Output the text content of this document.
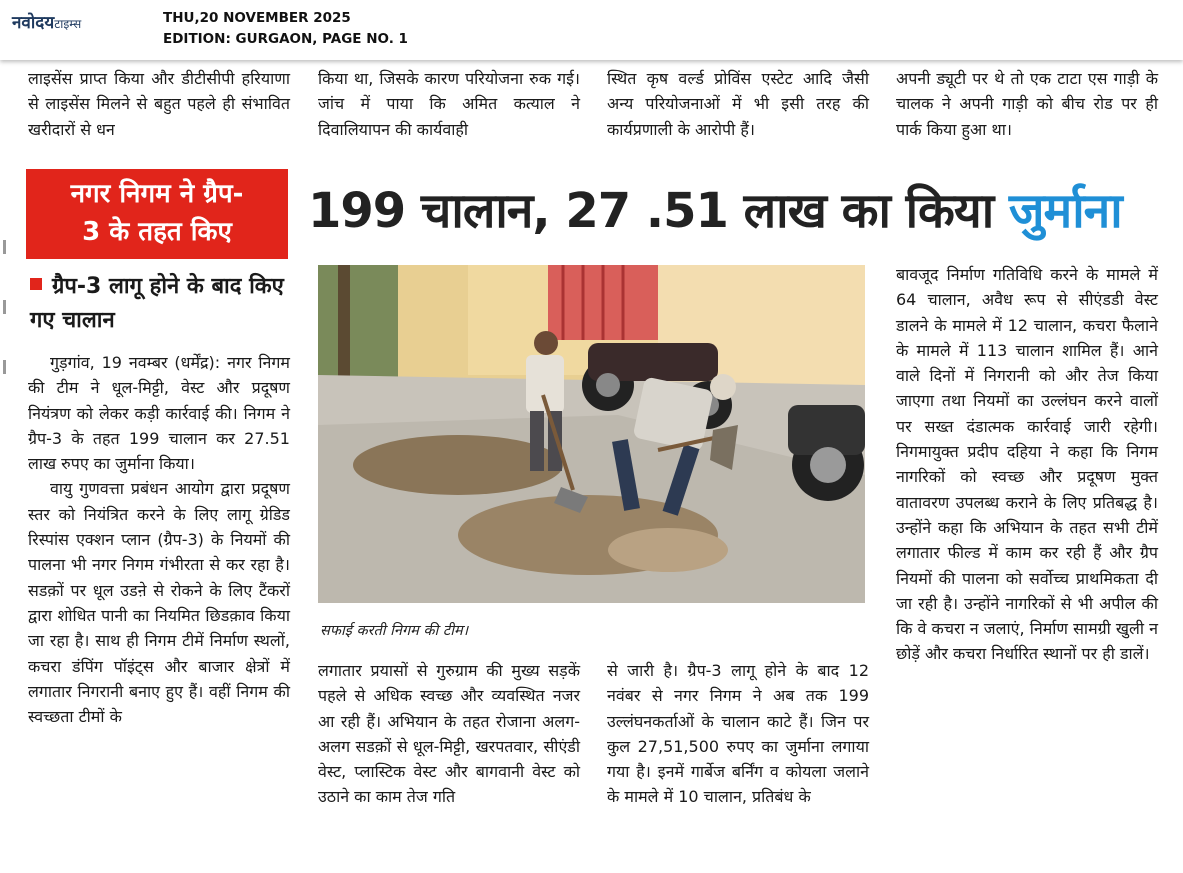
नवोदयटाइम्स	THU,20 NOVEMBER 2025
EDITION: GURGAON, PAGE NO. 1

लाइसेंस प्राप्त किया और डीटीसीपी हरियाणा से लाइसेंस मिलने से बहुत पहले ही संभावित खरीदारों से धन

किया था, जिसके कारण परियोजना रुक गई। जांच में पाया कि अमित कत्याल ने दिवालियापन की कार्यवाही

स्थित कृष वर्ल्ड प्रोविंस एस्टेट आदि जैसी अन्य परियोजनाओं में भी इसी तरह की कार्यप्रणाली के आरोपी हैं।

अपनी ड्यूटी पर थे तो एक टाटा एस गाड़ी के चालक ने अपनी गाड़ी को बीच रोड पर ही पार्क किया हुआ था।

नगर निगम ने ग्रैप-
3 के तहत किए	199 चालान, 27 .51 लाख का किया जुर्माना
ग्रैप-3 लागू होने के बाद किए गए चालान

गुड़गांव, 19 नवम्बर (धर्मेंद्र): नगर निगम की टीम ने धूल-मिट्टी, वेस्ट और प्रदूषण नियंत्रण को लेकर कड़ी कार्रवाई की। निगम ने ग्रैप-3 के तहत 199 चालान कर 27.51 लाख रुपए का जुर्माना किया।

वायु गुणवत्ता प्रबंधन आयोग द्वारा प्रदूषण स्तर को नियंत्रित करने के लिए लागू ग्रेडिड रिस्पांस एक्शन प्लान (ग्रैप-3) के नियमों की पालना भी नगर निगम गंभीरता से कर रहा है। सडक़ों पर धूल उडऩे से रोकने के लिए टैंकरों द्वारा शोधित पानी का नियमित छिडक़ाव किया जा रहा है। साथ ही निगम टीमें निर्माण स्थलों, कचरा डंपिंग पॉइंट्स और बाजार क्षेत्रों में लगातार निगरानी बनाए हुए हैं। वहीं निगम की स्वच्छता टीमों के

सफाई करती निगम की टीम।

लगातार प्रयासों से गुरुग्राम की मुख्य सड़कें पहले से अधिक स्वच्छ और व्यवस्थित नजर आ रही हैं। अभियान के तहत रोजाना अलग-अलग सडक़ों से धूल-मिट्टी, खरपतवार, सीएंडी वेस्ट, प्लास्टिक वेस्ट और बागवानी वेस्ट को उठाने का काम तेज गति

से जारी है। ग्रैप-3 लागू होने के बाद 12 नवंबर से नगर निगम ने अब तक 199 उल्लंघनकर्ताओं के चालान काटे हैं। जिन पर कुल 27,51,500 रुपए का जुर्माना लगाया गया है। इनमें गार्बेज बर्निंग व कोयला जलाने के मामले में 10 चालान, प्रतिबंध के

बावजूद निर्माण गतिविधि करने के मामले में 64 चालान, अवैध रूप से सीएंडडी वेस्ट डालने के मामले में 12 चालान, कचरा फैलाने के मामले में 113 चालान शामिल हैं। आने वाले दिनों में निगरानी को और तेज किया जाएगा तथा नियमों का उल्लंघन करने वालों पर सख्त दंडात्मक कार्रवाई जारी रहेगी। निगमायुक्त प्रदीप दहिया ने कहा कि निगम नागरिकों को स्वच्छ और प्रदूषण मुक्त वातावरण उपलब्ध कराने के लिए प्रतिबद्ध है। उन्होंने कहा कि अभियान के तहत सभी टीमें लगातार फील्ड में काम कर रही हैं और ग्रैप नियमों की पालना को सर्वोच्च प्राथमिकता दी जा रही है। उन्होंने नागरिकों से भी अपील की कि वे कचरा न जलाएं, निर्माण सामग्री खुली न छोड़ें और कचरा निर्धारित स्थानों पर ही डालें।
